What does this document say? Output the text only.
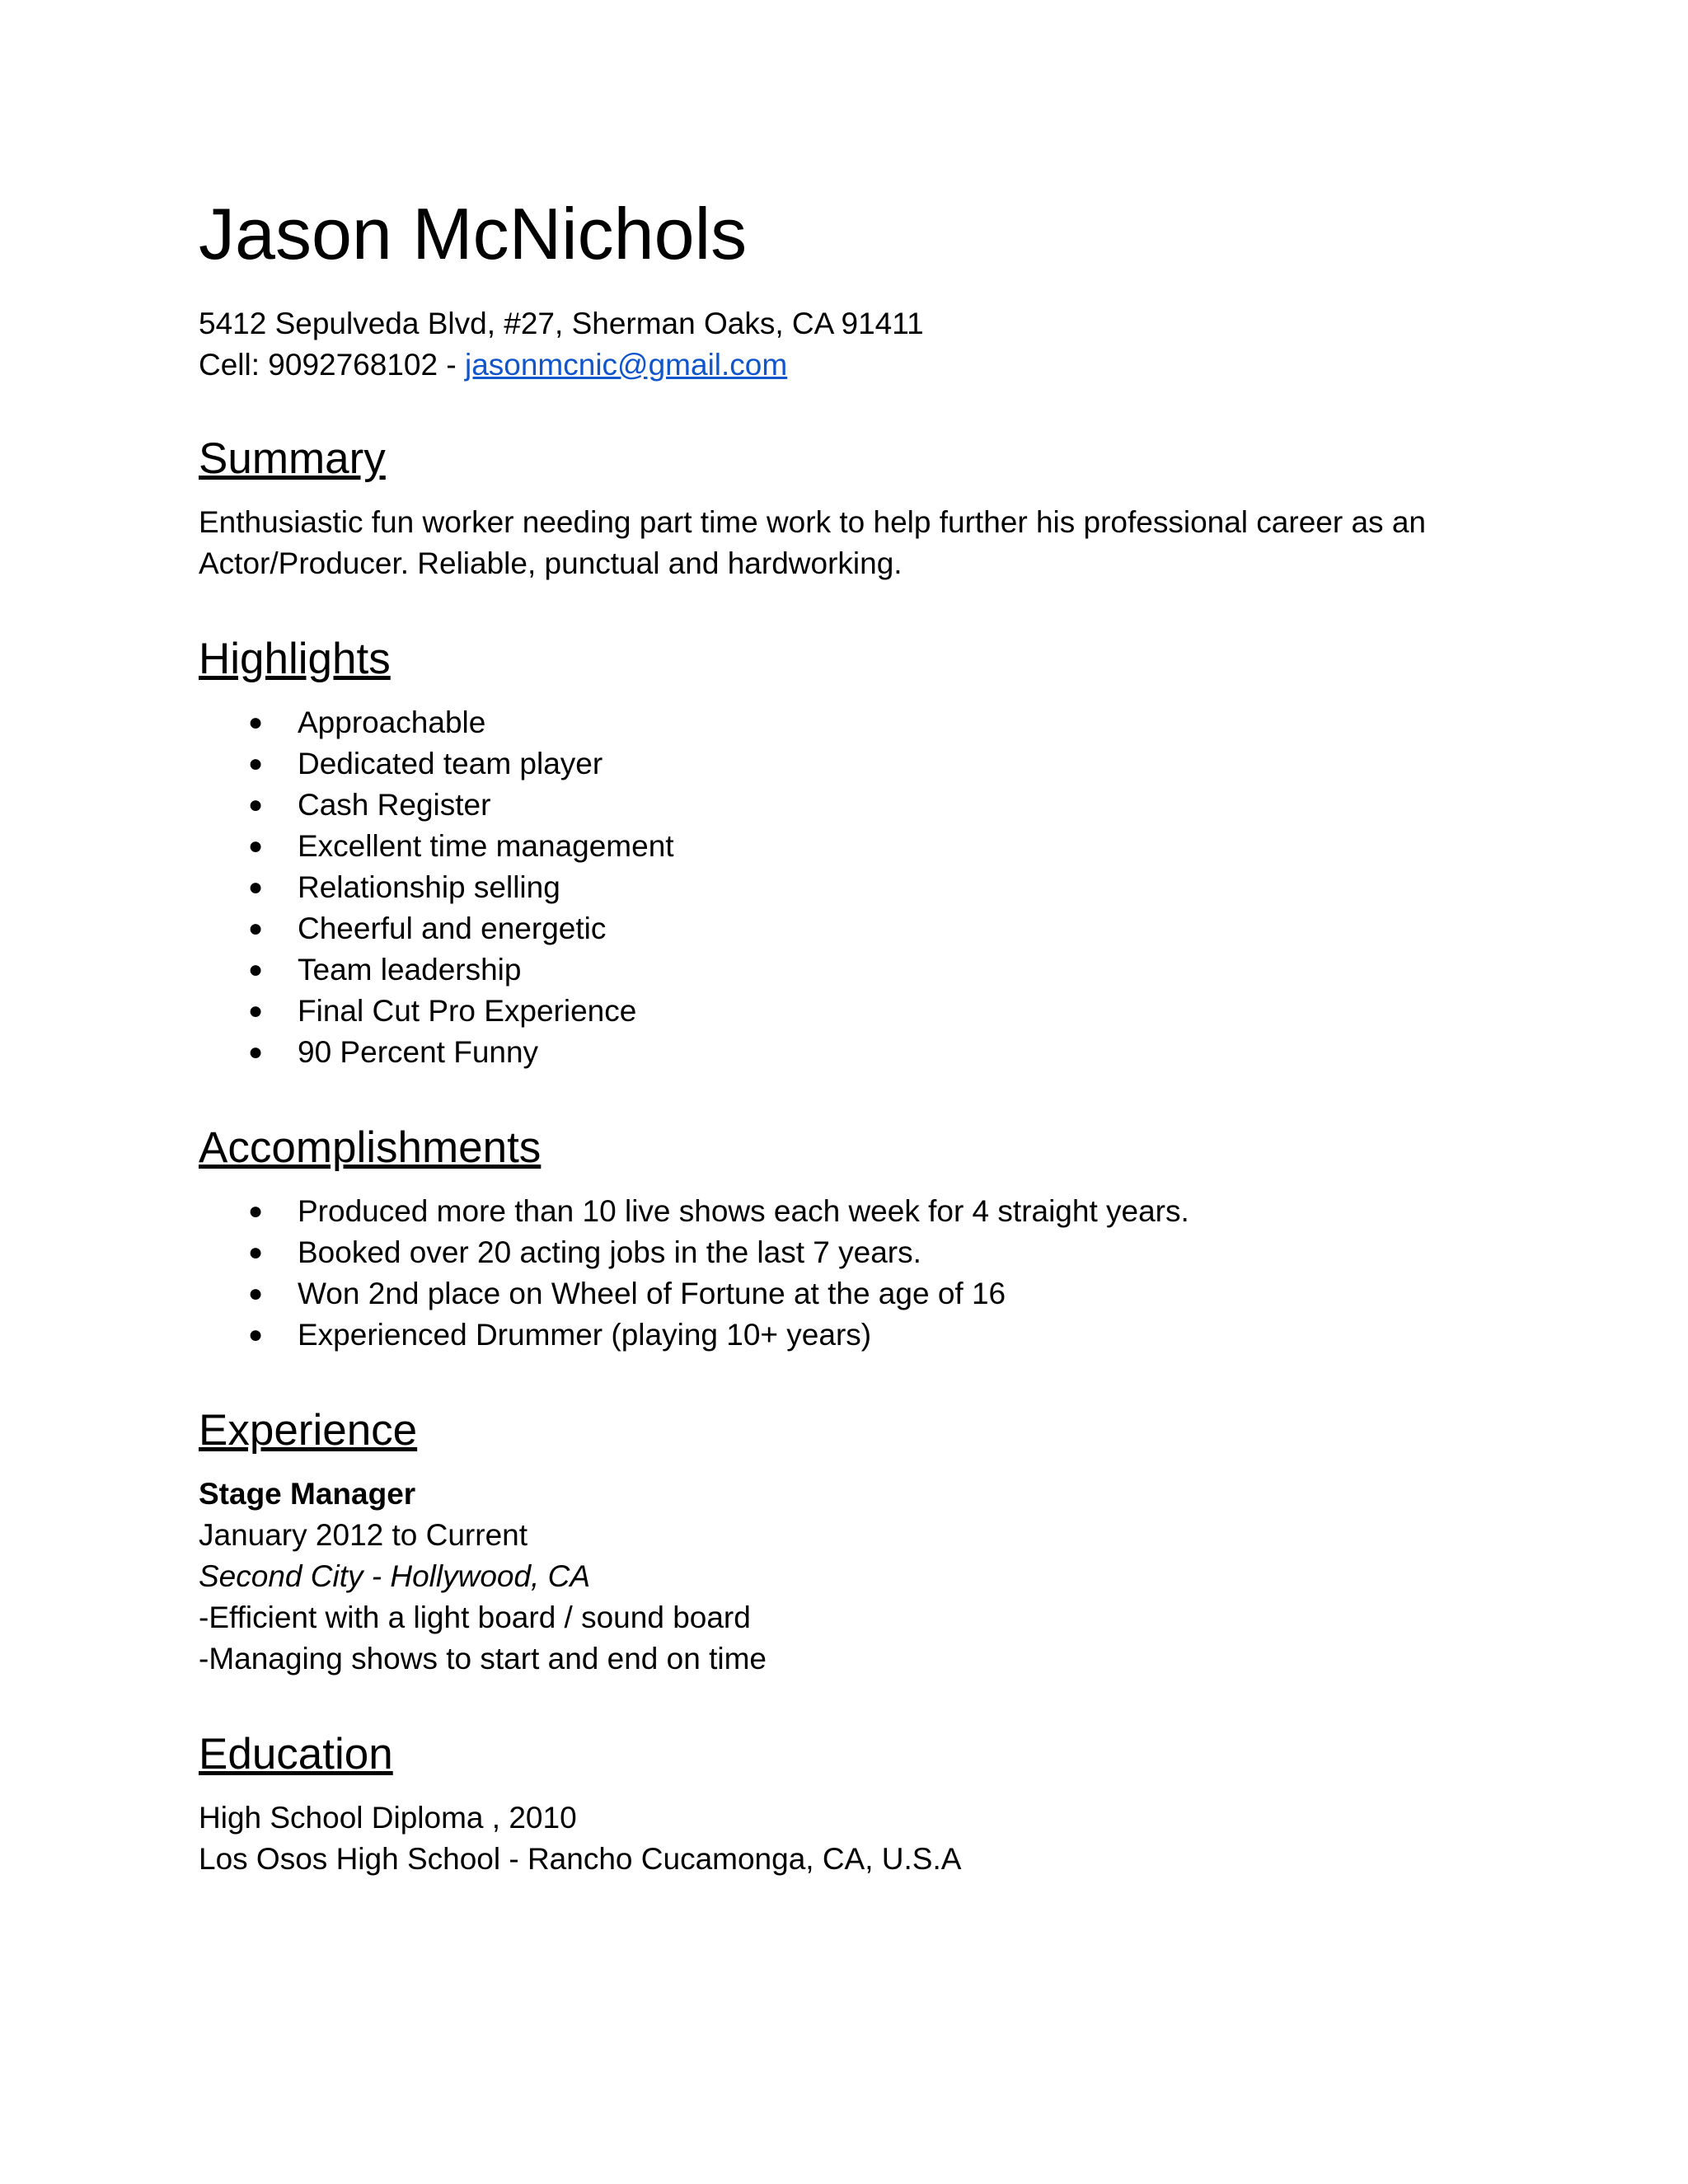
Jason McNichols

5412 Sepulveda Blvd, #27, Sherman Oaks, CA 91411

Cell: 9092768102 - jasonmcnic@gmail.com

Summary

Enthusiastic fun worker needing part time work to help further his professional career as an Actor/Producer. Reliable, punctual and hardworking.

Highlights
● Approachable
● Dedicated team player
● Cash Register
● Excellent time management
● Relationship selling
● Cheerful and energetic
● Team leadership
● Final Cut Pro Experience
● 90 Percent Funny
Accomplishments
● Produced more than 10 live shows each week for 4 straight years.
● Booked over 20 acting jobs in the last 7 years.
● Won 2nd place on Wheel of Fortune at the age of 16
● Experienced Drummer (playing 10+ years)
Experience

Stage Manager

January 2012 to Current

Second City - Hollywood, CA

-Efficient with a light board / sound board

-Managing shows to start and end on time

Education

High School Diploma , 2010

Los Osos High School - Rancho Cucamonga, CA, U.S.A
